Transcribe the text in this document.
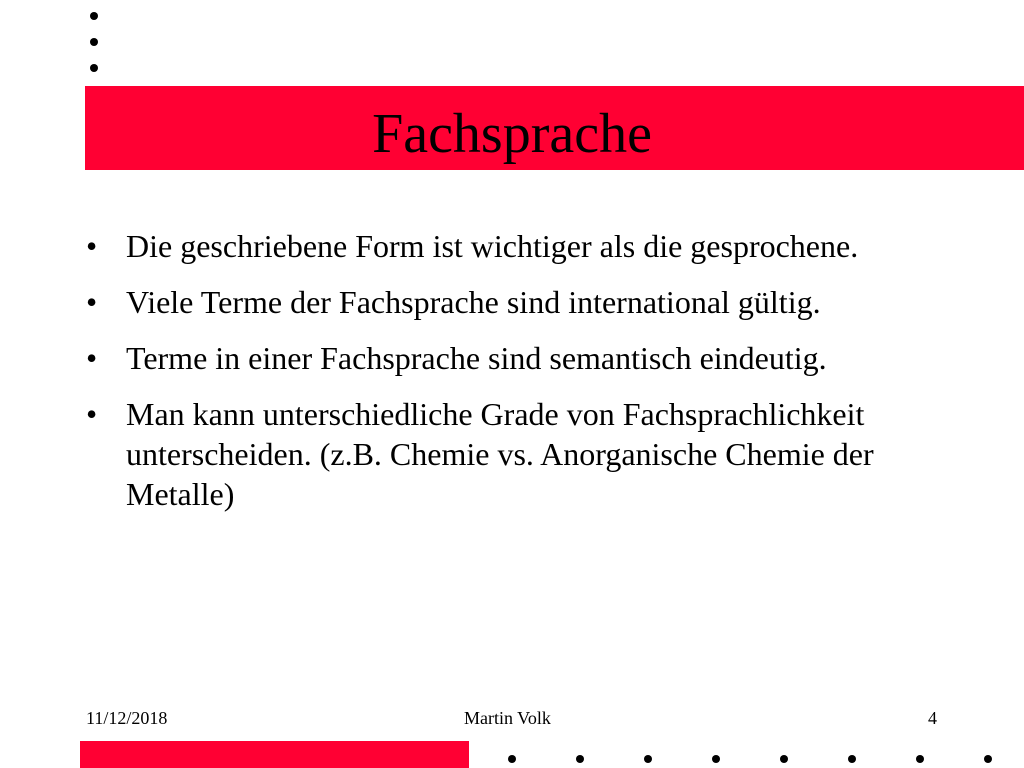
Fachsprache
• Die geschriebene Form ist wichtiger als die gesprochene.
• Viele Terme der Fachsprache sind international gültig.
• Terme in einer Fachsprache sind semantisch eindeutig.
• Man kann unterschiedliche Grade von Fachsprachlichkeit unterscheiden. (z.B. Chemie vs. Anorganische Chemie der Metalle)
11/12/2018	Martin Volk	4
